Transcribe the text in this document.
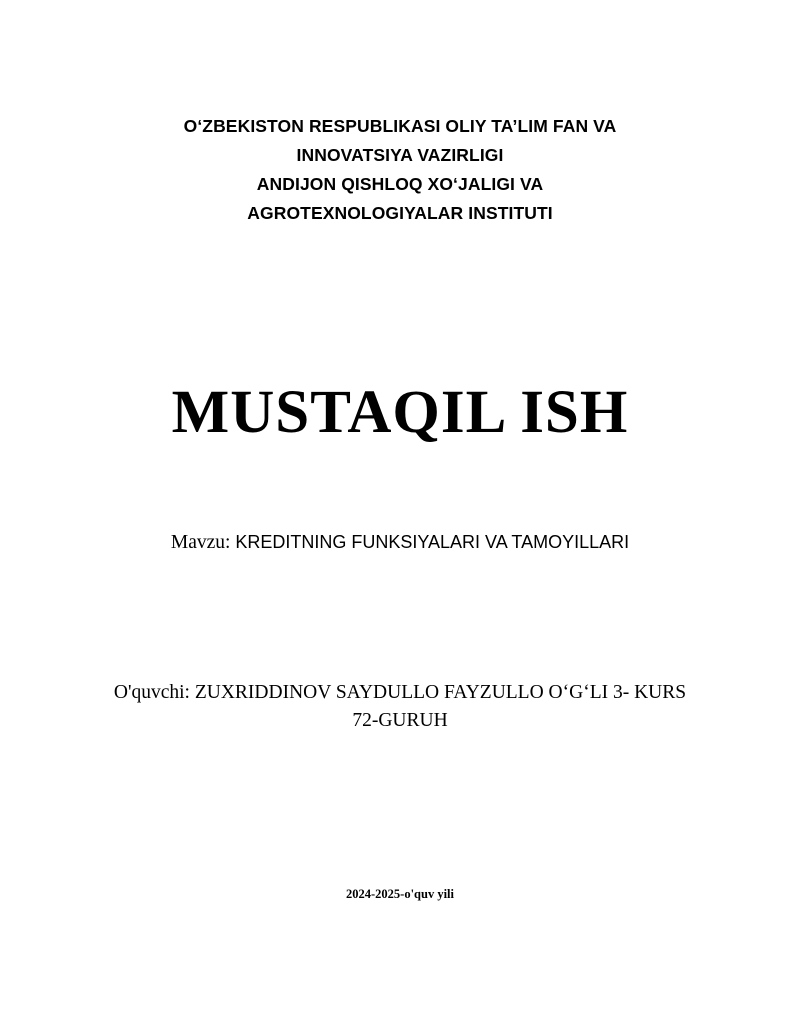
O‘ZBEKISTON RESPUBLIKASI OLIY TA’LIM FAN VA
INNOVATSIYA VAZIRLIGI
ANDIJON QISHLOQ XO‘JALIGI VA
AGROTEXNOLOGIYALAR INSTITUTI
MUSTAQIL ISH
Mavzu: KREDITNING FUNKSIYALARI VA TAMOYILLARI
O'quvchi: ZUXRIDDINOV SAYDULLO FAYZULLO O‘G‘LI 3- KURS
72-GURUH
2024-2025-o'quv yili
